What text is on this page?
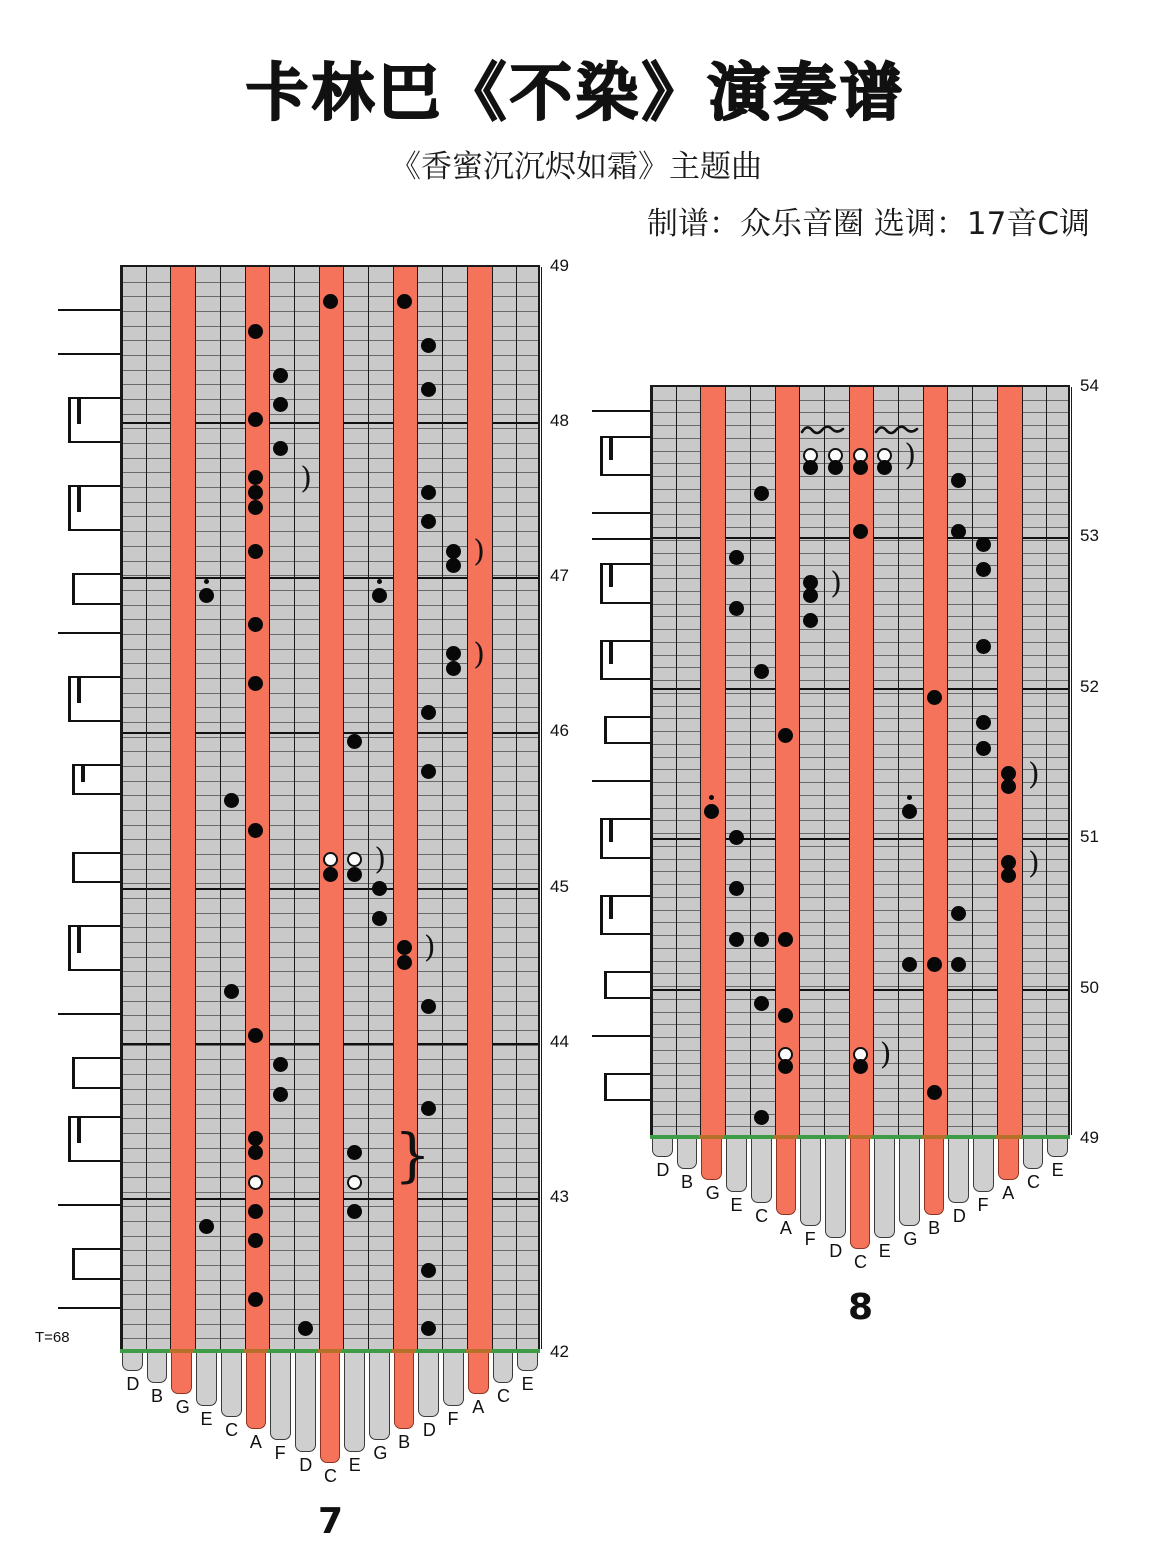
卡林巴《不染》演奏谱
《香蜜沉沉烬如霜》主题曲
制谱：众乐音圈 选调：17音C调
49
48
47
46
45
44
43
42
)
)
)
)
)
}
D
B
G
E
C
A
F
D
C
E
G
B
D
F
A
C
E
7
T=68
54
53
52
51
50
49
)
)
)
)
)
D
B
G
E
C
A
F
D
C
E
G
B
D
F
A
C
E
8
